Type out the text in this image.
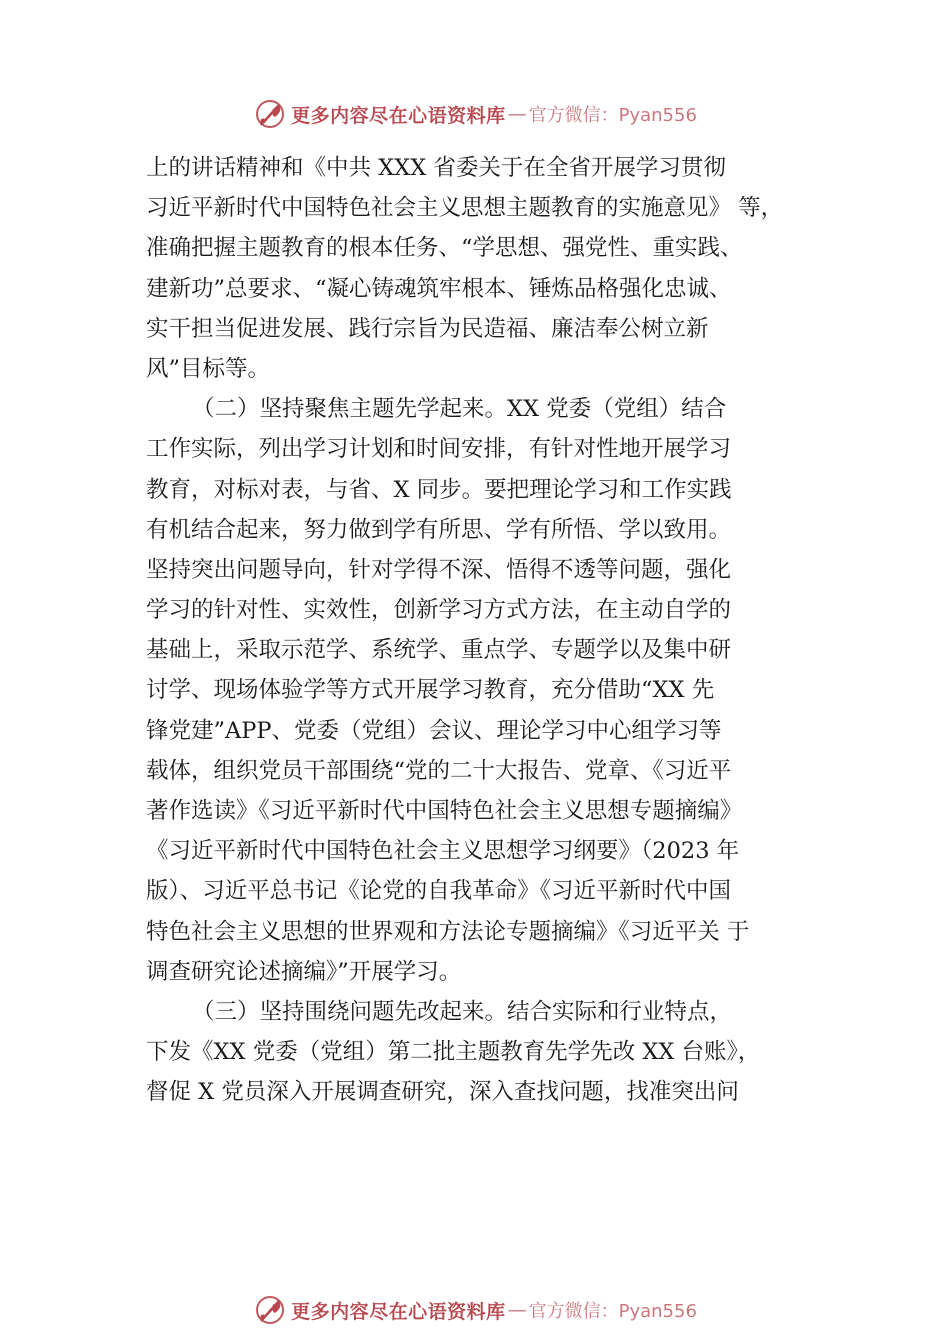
更多内容尽在心语资料库 — 官方微信：Pyan556
上的讲话精神和《中共 XXX 省委关于在全省开展学习贯彻
习近平新时代中国特色社会主义思想主题教育的实施意见》 等，
准确把握主题教育的根本任务、“学思想、强党性、重实践、
建新功”总要求、“凝心铸魂筑牢根本、锤炼品格强化忠诚、
实干担当促进发展、践行宗旨为民造福、廉洁奉公树立新
风”目标等。
（二）坚持聚焦主题先学起来。XX 党委（党组）结合
工作实际，列出学习计划和时间安排，有针对性地开展学习
教育，对标对表，与省、X 同步。要把理论学习和工作实践
有机结合起来，努力做到学有所思、学有所悟、学以致用。
坚持突出问题导向，针对学得不深、悟得不透等问题，强化
学习的针对性、实效性，创新学习方式方法，在主动自学的
基础上，采取示范学、系统学、重点学、专题学以及集中研
讨学、现场体验学等方式开展学习教育，充分借助“XX 先
锋党建”APP、党委（党组）会议、理论学习中心组学习等
载体，组织党员干部围绕“党的二十大报告、党章、《习近平
著作选读》《习近平新时代中国特色社会主义思想专题摘编》
《习近平新时代中国特色社会主义思想学习纲要》（2023 年
版）、习近平总书记《论党的自我革命》《习近平新时代中国
特色社会主义思想的世界观和方法论专题摘编》《习近平关 于
调查研究论述摘编》”开展学习。
（三）坚持围绕问题先改起来。结合实际和行业特点，
下发《XX 党委（党组）第二批主题教育先学先改 XX 台账》，
督促 X 党员深入开展调查研究，深入查找问题，找准突出问
更多内容尽在心语资料库 — 官方微信：Pyan556
